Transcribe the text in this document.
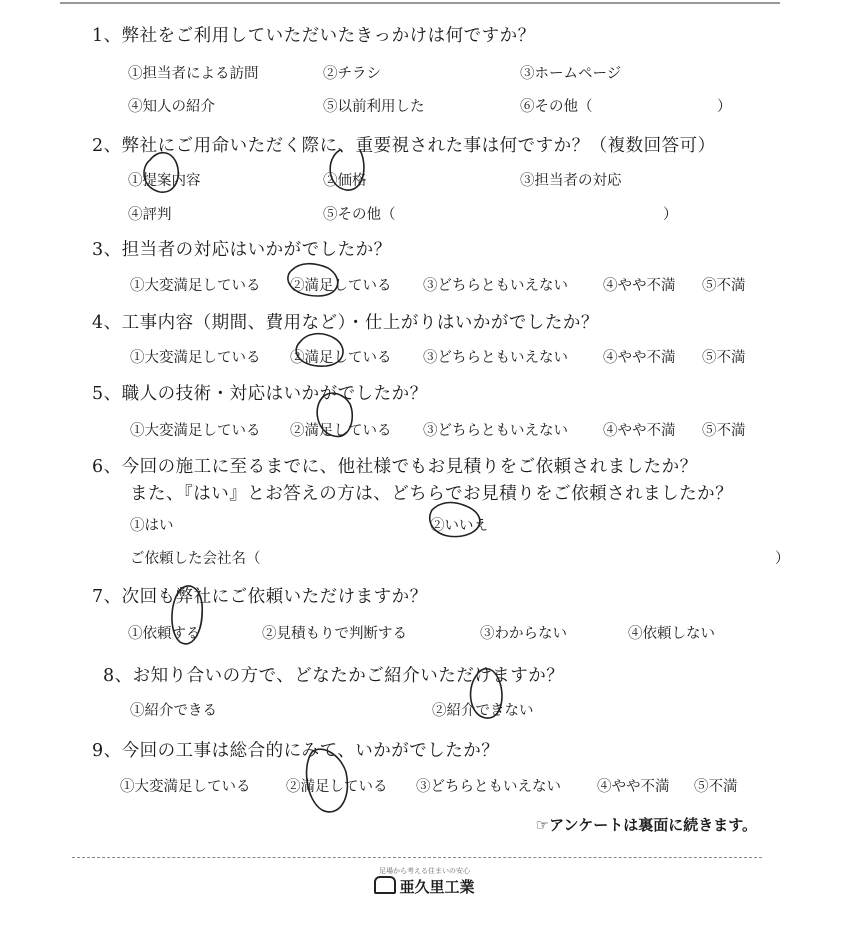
1、弊社をご利用していただいたきっかけは何ですか？
①担当者による訪問	②チラシ	③ホームページ
④知人の紹介	⑤以前利用した	⑥その他（	）
2、弊社にご用命いただく際に、重要視された事は何ですか？（複数回答可）
①提案内容	②価格	③担当者の対応
④評判	⑤その他（	）
3、担当者の対応はいかがでしたか？
①大変満足している ②満足している ③どちらともいえない ④やや不満 ⑤不満
4、工事内容（期間、費用など）・仕上がりはいかがでしたか？
①大変満足している ②満足している ③どちらともいえない ④やや不満 ⑤不満
5、職人の技術・対応はいかがでしたか？
①大変満足している ②満足している ③どちらともいえない ④やや不満 ⑤不満
6、今回の施工に至るまでに、他社様でもお見積りをご依頼されましたか？
また、『はい』とお答えの方は、どちらでお見積りをご依頼されましたか？
①はい	②いいえ
ご依頼した会社名（	）
7、次回も弊社にご依頼いただけますか？
①依頼する	②見積もりで判断する	③わからない	④依頼しない
8、お知り合いの方で、どなたかご紹介いただけますか？
①紹介できる	②紹介できない
9、今回の工事は総合的にみて、いかがでしたか？
①大変満足している ②満足している ③どちらともいえない ④やや不満 ⑤不満
☞アンケートは裏面に続きます。
足場から考える住まいの安心
亜久里工業
